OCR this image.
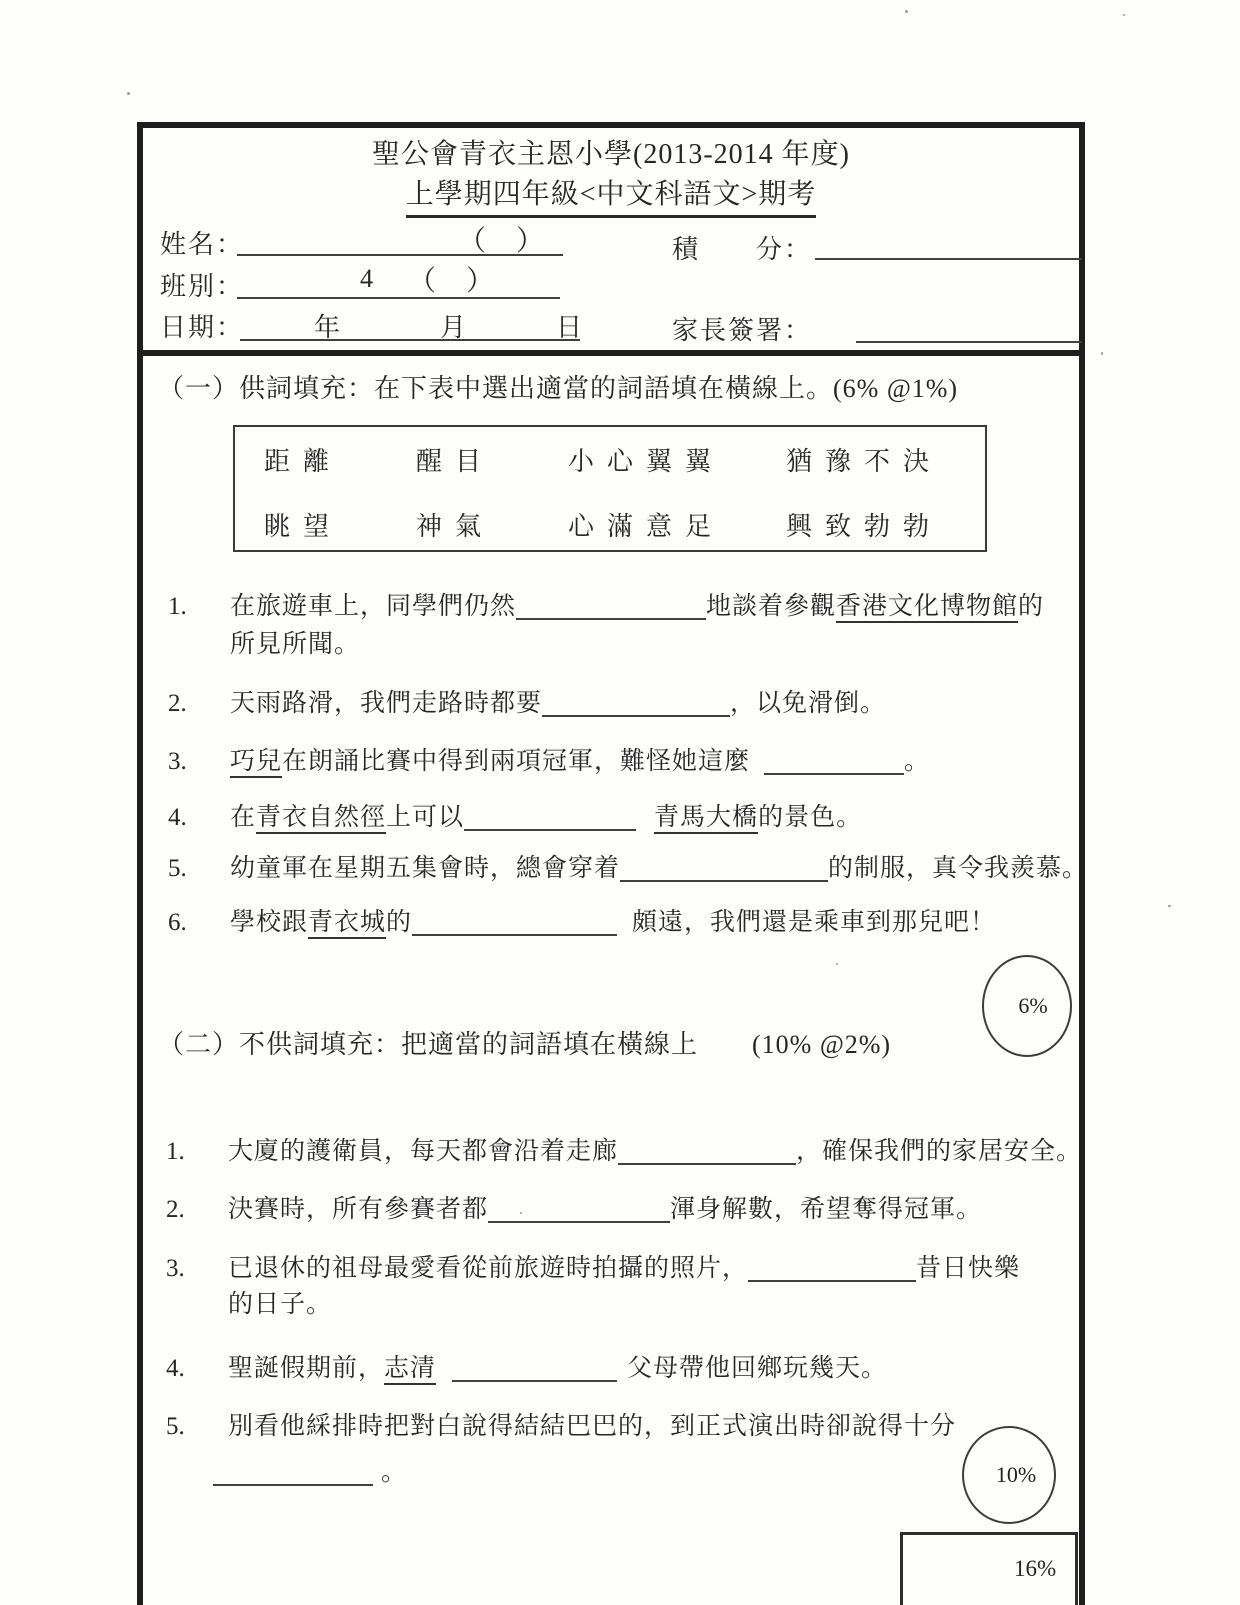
聖公會青衣主恩小學(2013-2014 年度)
上學期四年級<中文科語文>期考
姓名：	（　）	積　　分：
班別：	4 （　）
日期：	年	月	日	家長簽署：
（一）供詞填充：在下表中選出適當的詞語填在橫線上。(6% @1%)
距離	醒目	小心翼翼 猶豫不決
眺望	神氣	心滿意足 興致勃勃
1. 在旅遊車上，同學們仍然	地談着參觀香港文化博物館的
所見所聞。
2. 天雨路滑，我們走路時都要	，以免滑倒。
3. 巧兒在朗誦比賽中得到兩項冠軍，難怪她這麼	。
4. 在青衣自然徑上可以	青馬大橋的景色。
5. 幼童軍在星期五集會時，總會穿着	的制服，真令我羨慕。
6. 學校跟青衣城的	頗遠，我們還是乘車到那兒吧！
6%
（二）不供詞填充：把適當的詞語填在橫線上　　(10% @2%)
1. 大廈的護衛員，每天都會沿着走廊	，確保我們的家居安全。
2. 決賽時，所有參賽者都	渾身解數，希望奪得冠軍。
3. 已退休的祖母最愛看從前旅遊時拍攝的照片，	昔日快樂
的日子。
4. 聖誕假期前，志清	父母帶他回鄉玩幾天。
5. 別看他綵排時把對白說得結結巴巴的，到正式演出時卻說得十分
。	10%
16%
